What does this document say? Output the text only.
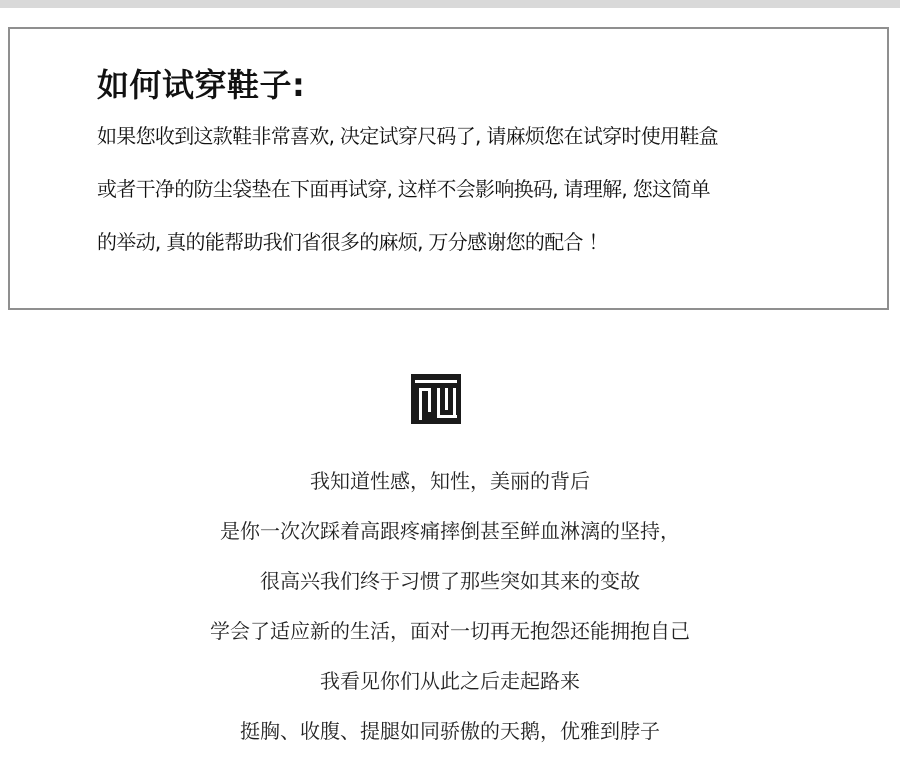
如何试穿鞋子:
如果您收到这款鞋非常喜欢, 决定试穿尺码了, 请麻烦您在试穿时使用鞋盒
或者干净的防尘袋垫在下面再试穿, 这样不会影响换码, 请理解, 您这简单
的举动, 真的能帮助我们省很多的麻烦, 万分感谢您的配合 ！
我知道性感，知性，美丽的背后
是你一次次踩着高跟疼痛摔倒甚至鲜血淋漓的坚持，
很高兴我们终于习惯了那些突如其来的变故
学会了适应新的生活，面对一切再无抱怨还能拥抱自己
我看见你们从此之后走起路来
挺胸、收腹、提腿如同骄傲的天鹅，优雅到脖子
